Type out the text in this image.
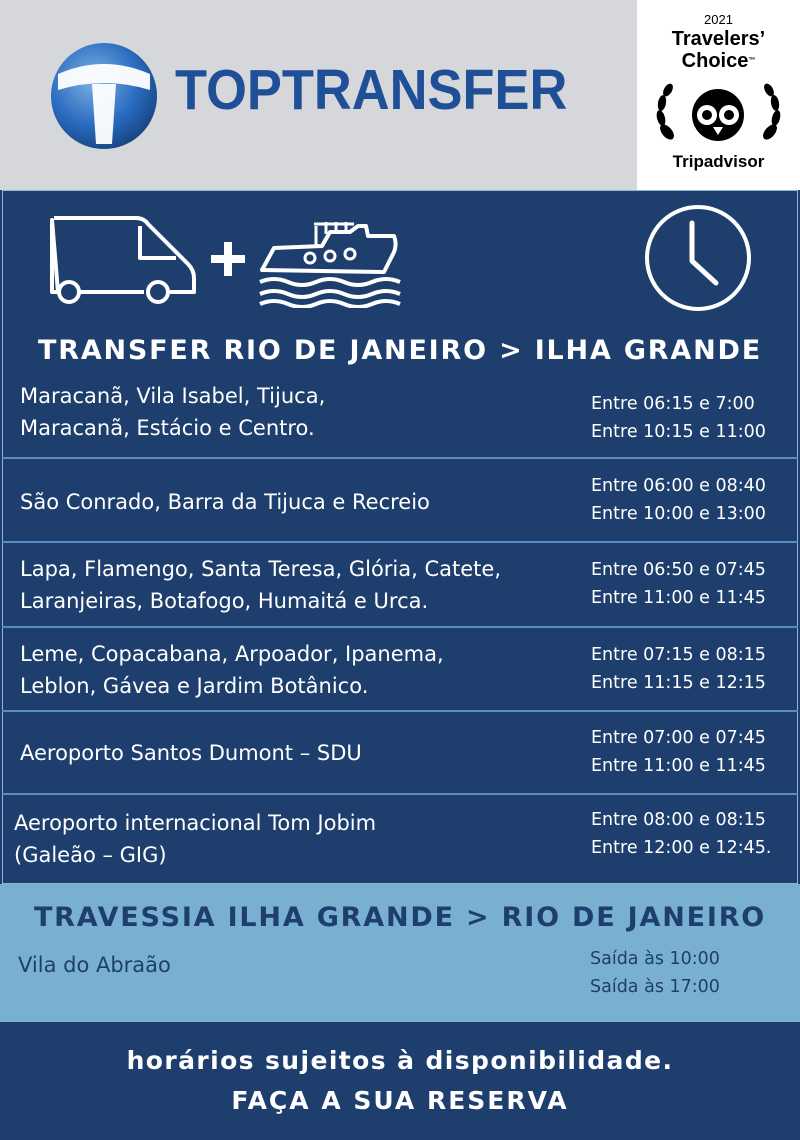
TOPTRANSFER
2021
Travelers’
Choice™
Tripadvisor
TRANSFER RIO DE JANEIRO > ILHA GRANDE
Maracanã, Vila Isabel, Tijuca,
Maracanã, Estácio e Centro.
Entre 06:15 e 7:00
Entre 10:15 e 11:00
São Conrado, Barra da Tijuca e Recreio
Entre 06:00 e 08:40
Entre 10:00 e 13:00
Lapa, Flamengo, Santa Teresa, Glória, Catete,
Laranjeiras, Botafogo, Humaitá e Urca.
Entre 06:50 e 07:45
Entre 11:00 e 11:45
Leme, Copacabana, Arpoador, Ipanema,
Leblon, Gávea e Jardim Botânico.
Entre 07:15 e 08:15
Entre 11:15 e 12:15
Aeroporto Santos Dumont – SDU
Entre 07:00 e 07:45
Entre 11:00 e 11:45
Aeroporto internacional Tom Jobim
(Galeão – GIG)
Entre 08:00 e 08:15
Entre 12:00 e 12:45.
TRAVESSIA ILHA GRANDE > RIO DE JANEIRO
Vila do Abraão	Saída às 10:00
Saída às 17:00
horários sujeitos à disponibilidade.
FAÇA A SUA RESERVA
